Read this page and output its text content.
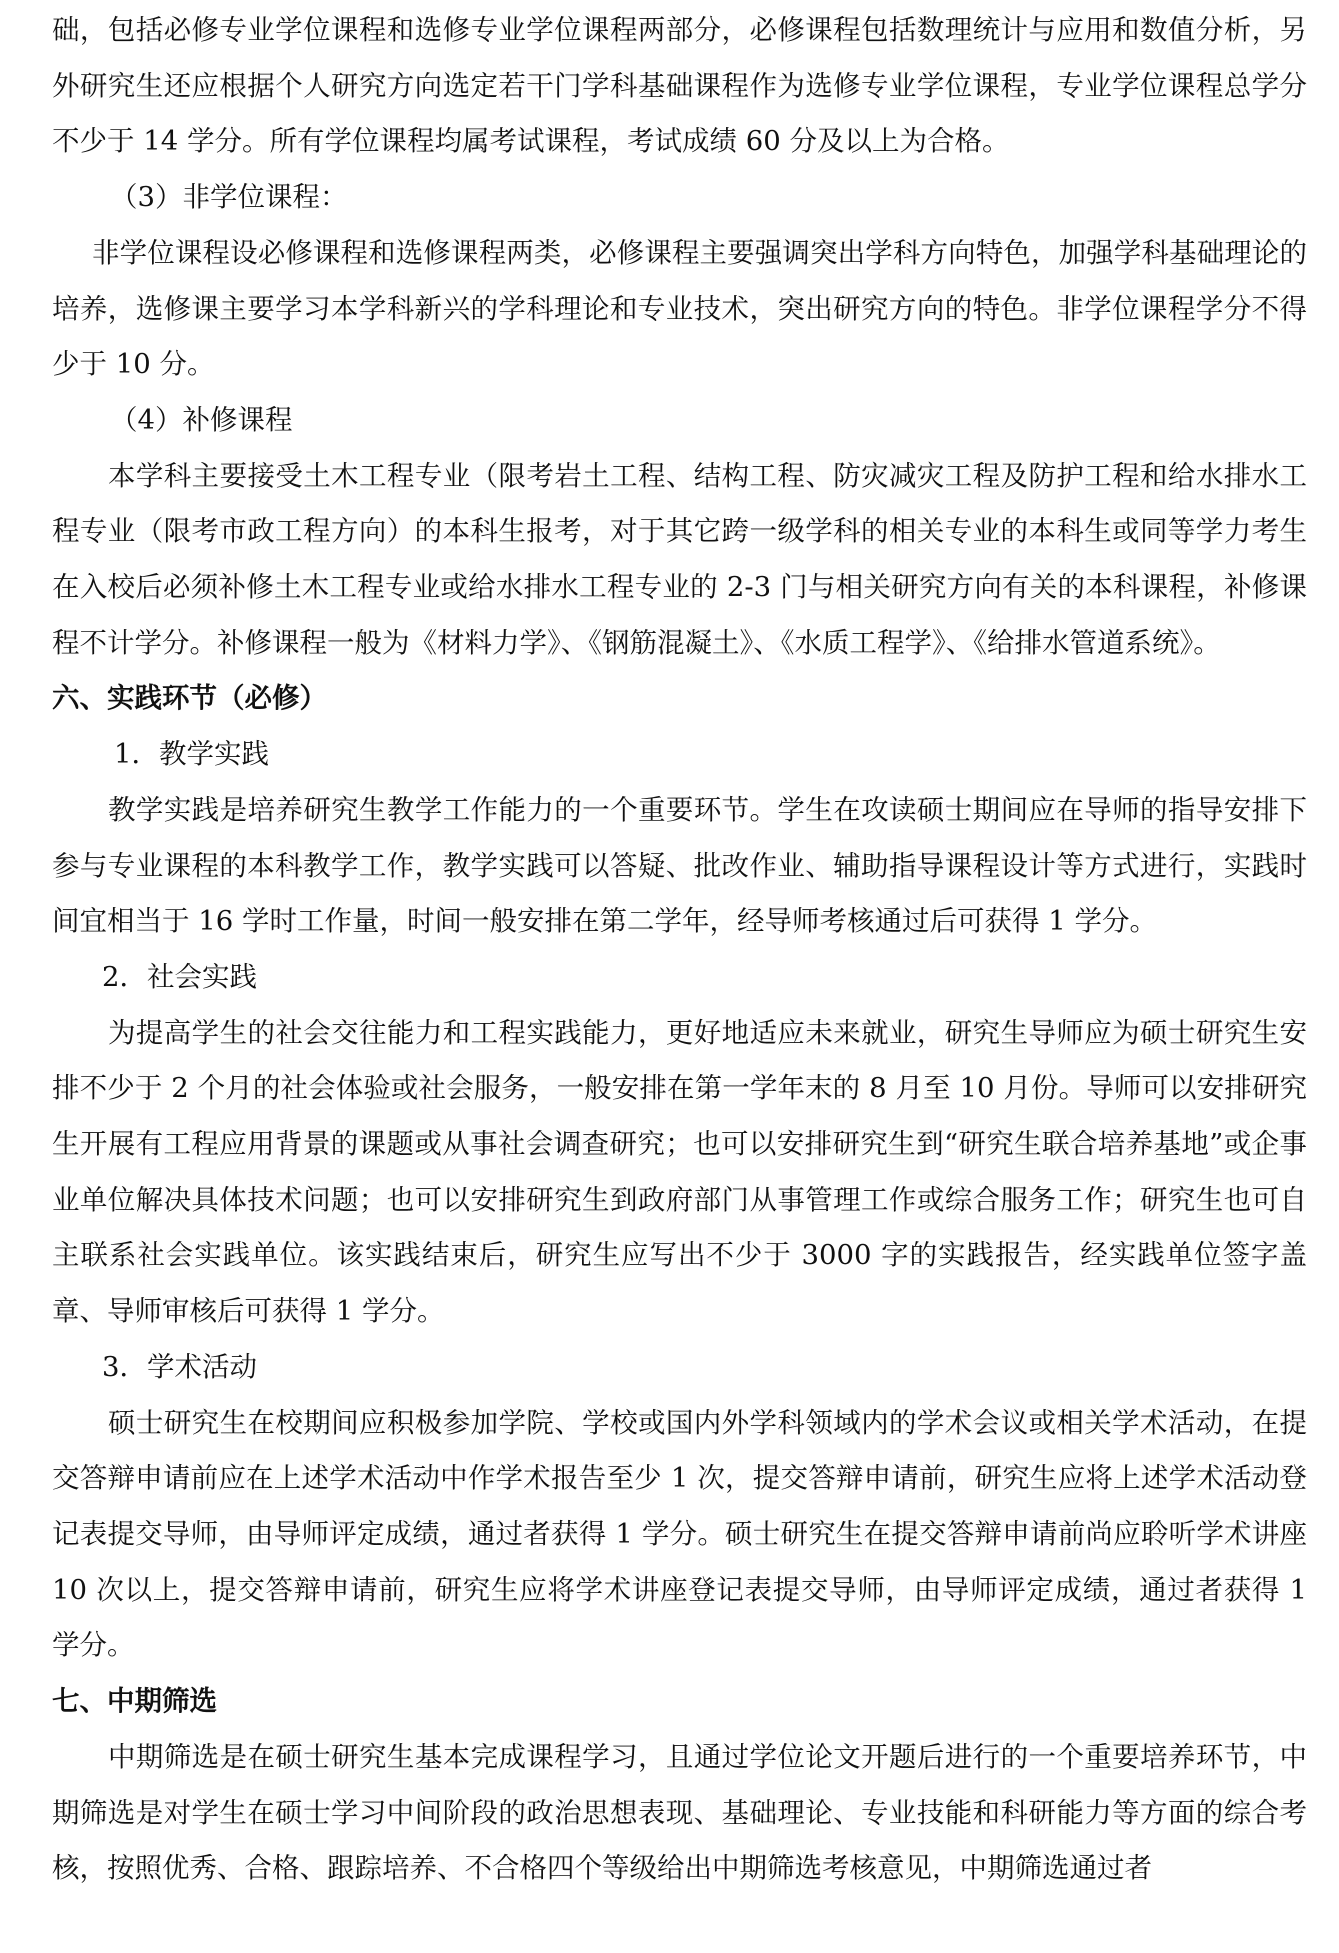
础，包括必修专业学位课程和选修专业学位课程两部分，必修课程包括数理统计与应用和数值分析，另外研究生还应根据个人研究方向选定若干门学科基础课程作为选修专业学位课程，专业学位课程总学分不少于 14 学分。所有学位课程均属考试课程，考试成绩 60 分及以上为合格。

（3）非学位课程：

非学位课程设必修课程和选修课程两类，必修课程主要强调突出学科方向特色，加强学科基础理论的培养，选修课主要学习本学科新兴的学科理论和专业技术，突出研究方向的特色。非学位课程学分不得少于 10 分。

（4）补修课程

本学科主要接受土木工程专业（限考岩土工程、结构工程、防灾减灾工程及防护工程和给水排水工程专业（限考市政工程方向）的本科生报考，对于其它跨一级学科的相关专业的本科生或同等学力考生在入校后必须补修土木工程专业或给水排水工程专业的 2-3 门与相关研究方向有关的本科课程，补修课程不计学分。补修课程一般为《材料力学》、《钢筋混凝土》、《水质工程学》、《给排水管道系统》。

六、实践环节（必修）

1．教学实践

教学实践是培养研究生教学工作能力的一个重要环节。学生在攻读硕士期间应在导师的指导安排下参与专业课程的本科教学工作，教学实践可以答疑、批改作业、辅助指导课程设计等方式进行，实践时间宜相当于 16 学时工作量，时间一般安排在第二学年，经导师考核通过后可获得 1 学分。

2．社会实践

为提高学生的社会交往能力和工程实践能力，更好地适应未来就业，研究生导师应为硕士研究生安排不少于 2 个月的社会体验或社会服务，一般安排在第一学年末的 8 月至 10 月份。导师可以安排研究生开展有工程应用背景的课题或从事社会调查研究；也可以安排研究生到“研究生联合培养基地”或企事业单位解决具体技术问题；也可以安排研究生到政府部门从事管理工作或综合服务工作；研究生也可自主联系社会实践单位。该实践结束后，研究生应写出不少于 3000 字的实践报告，经实践单位签字盖章、导师审核后可获得 1 学分。

3．学术活动

硕士研究生在校期间应积极参加学院、学校或国内外学科领域内的学术会议或相关学术活动，在提交答辩申请前应在上述学术活动中作学术报告至少 1 次，提交答辩申请前，研究生应将上述学术活动登记表提交导师，由导师评定成绩，通过者获得 1 学分。硕士研究生在提交答辩申请前尚应聆听学术讲座 10 次以上，提交答辩申请前，研究生应将学术讲座登记表提交导师，由导师评定成绩，通过者获得 1 学分。

七、中期筛选

中期筛选是在硕士研究生基本完成课程学习，且通过学位论文开题后进行的一个重要培养环节，中期筛选是对学生在硕士学习中间阶段的政治思想表现、基础理论、专业技能和科研能力等方面的综合考核，按照优秀、合格、跟踪培养、不合格四个等级给出中期筛选考核意见，中期筛选通过者
